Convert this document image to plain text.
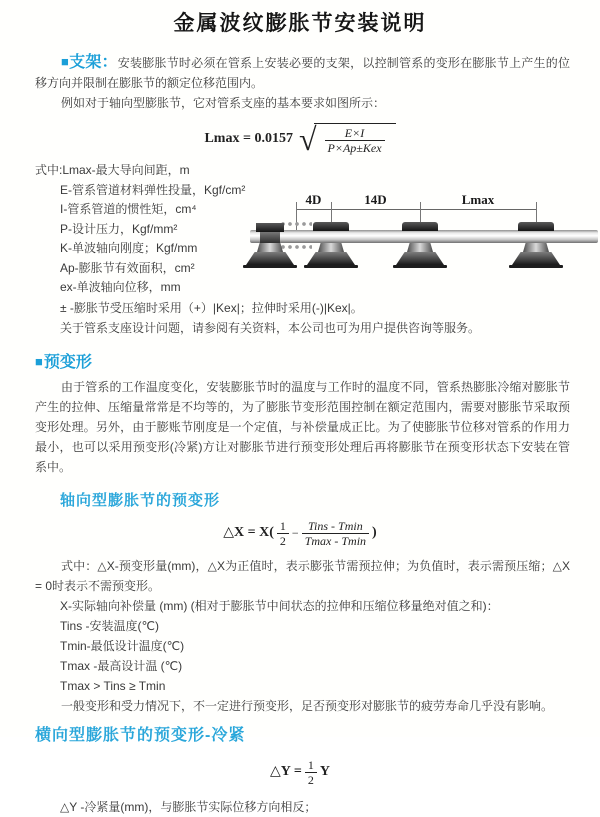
金属波纹膨胀节安装说明

■支架：安装膨胀节时必须在管系上安装必要的支架，以控制管系的变形在膨胀节上产生的位移方向并限制在膨胀节的额定位移范围内。

例如对于轴向型膨胀节，它对管系支座的基本要求如图所示：

Lmax = 0.0157 √ $\frac{E\times I}{\text{P×Ap±Kex}}$
式中:Lmax-最大导向间距，m
E-管系管道材料弹性投量，Kgf/cm²
I-管系管道的惯性矩，cm⁴
P-设计压力，Kgf/mm²
K-单波轴向刚度；Kgf/mm
Ap-膨胀节有效面积，cm²
ex-单波轴向位移，mm
4D	14D	Lmax

± -膨胀节受压缩时采用（+）|Kex|；拉伸时采用(-)|Kex|。

关于管系支座设计问题，请参阅有关资料，本公司也可为用户提供咨询等服务。

■预变形

由于管系的工作温度变化，安装膨胀节时的温度与工作时的温度不同，管系热膨胀冷缩对膨胀节产生的拉伸、压缩量常常是不均等的，为了膨胀节变形范围控制在额定范围内，需要对膨胀节采取预变形处理。另外，由于膨账节刚度是一个定值，与补偿量成正比。为了使膨胀节位移对管系的作用力最小，也可以采用预变形(冷紧)方让对膨胀节进行预变形处理后再将膨胀节在预变形状态下安装在管系中。

轴向型膨胀节的预变形
△X = $X( \frac{1}{2} - \frac{\text{Tins - Tmin}}{Tmax - Tmin}$ )

式中：△X-预变形量(mm)，△X为正值时，表示膨张节需预拉伸；为负值时，表示需预压缩；△X = 0时表示不需预变形。

X-实际轴向补偿量 (mm) (相对于膨胀节中间状态的拉伸和压缩位移量绝对值之和)：

Tins -安装温度(℃)

Tmin-最低设计温度(℃)

Tmax -最高设计温 (℃)

Tmax > Tins ≥ Tmin

一般变形和受力情况下，不一定进行预变形，足否预变形对膨胀节的疲劳寿命几乎没有影响。

横向型膨胀节的预变形-冷紧
△Y = $\frac{1}{2}$ Y

△Y -冷紧量(mm)，与膨胀节实际位移方向相反；
